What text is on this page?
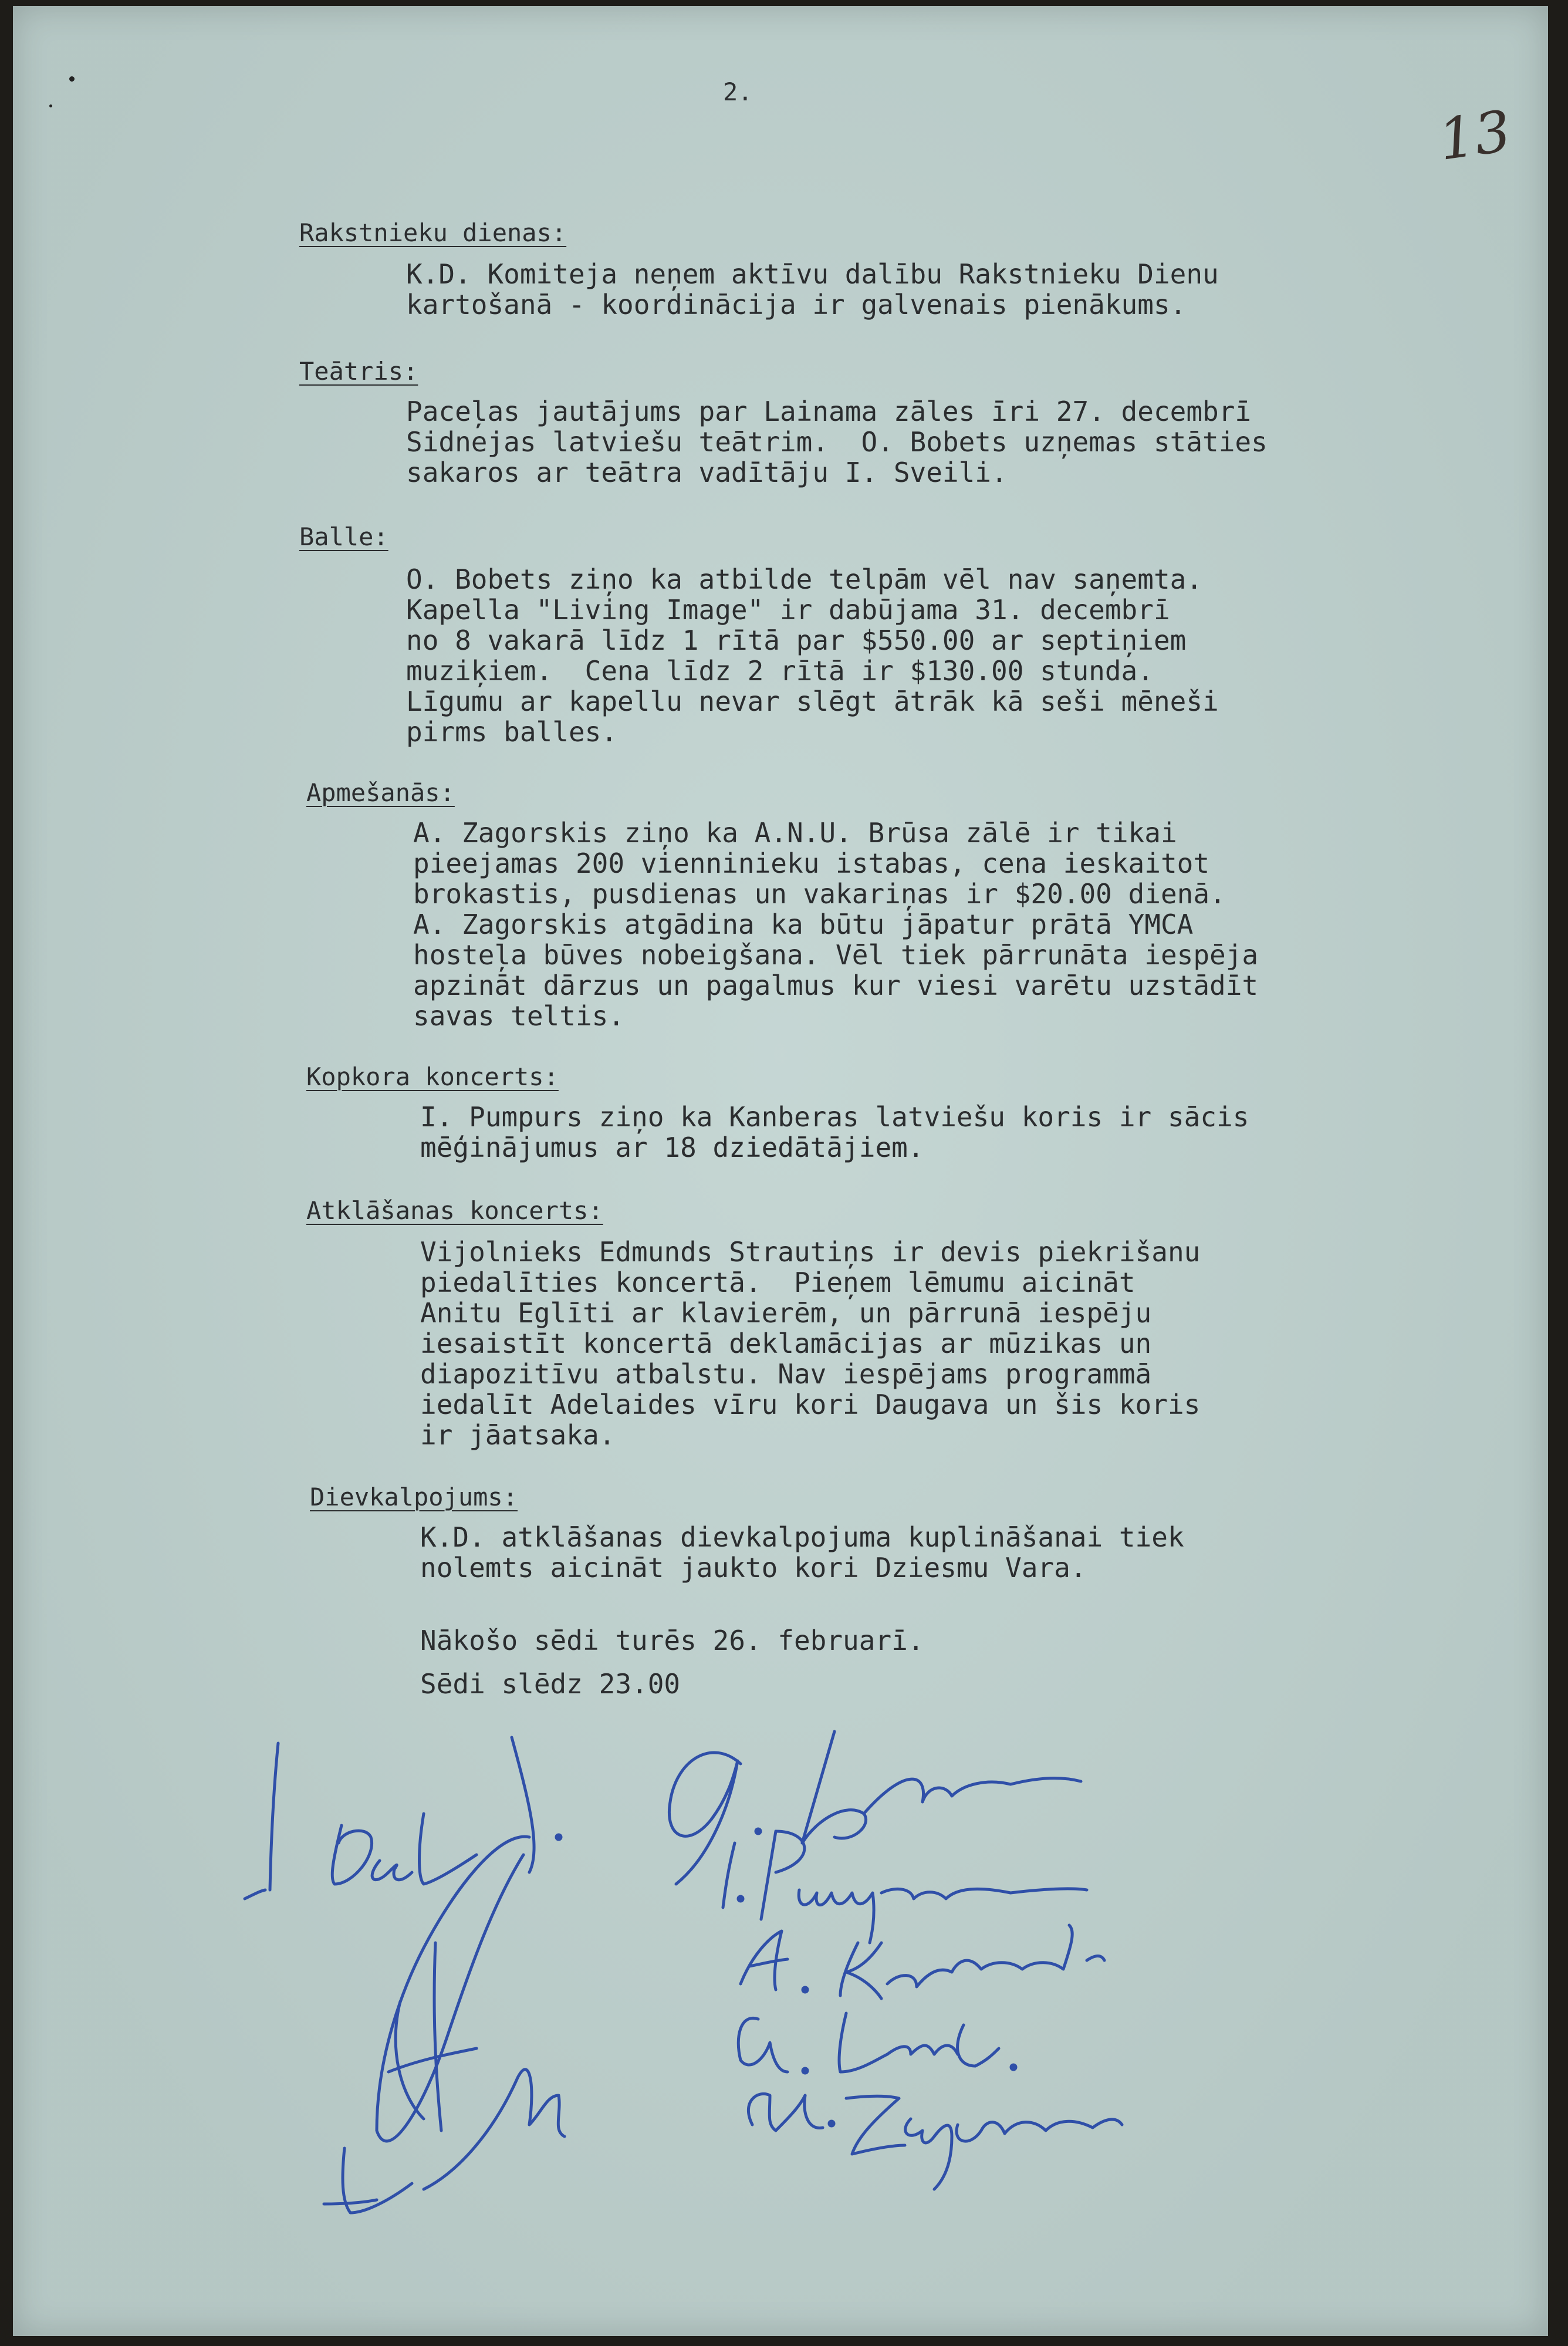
2.
13
Rakstnieku dienas:
K.D. Komiteja neņem aktīvu dalību Rakstnieku Dienu
kartošanā - koordinācija ir galvenais pienākums.
Teātris:
Paceļas jautājums par Lainama zāles īri 27. decembrī
Sidnejas latviešu teātrim.  O. Bobets uzņemas stāties
sakaros ar teātra vadītāju I. Sveili.
Balle:
O. Bobets ziņo ka atbilde telpām vēl nav saņemta.
Kapella "Living Image" ir dabūjama 31. decembrī
no 8 vakarā līdz 1 rītā par $550.00 ar septiņiem
muziķiem.  Cena līdz 2 rītā ir $130.00 stunda.
Līgumu ar kapellu nevar slēgt ātrāk kā seši mēneši
pirms balles.
Apmešanās:
A. Zagorskis ziņo ka A.N.U. Brūsa zālē ir tikai
pieejamas 200 vienninieku istabas, cena ieskaitot
brokastis, pusdienas un vakariņas ir $20.00 dienā.
A. Zagorskis atgādina ka būtu jāpatur prātā YMCA
hosteļa būves nobeigšana. Vēl tiek pārrunāta iespēja
apzināt dārzus un pagalmus kur viesi varētu uzstādīt
savas teltis.
Kopkora koncerts:
I. Pumpurs ziņo ka Kanberas latviešu koris ir sācis
mēģinājumus ar 18 dziedātājiem.
Atklāšanas koncerts:
Vijolnieks Edmunds Strautiņs ir devis piekrišanu
piedalīties koncertā.  Pieņem lēmumu aicināt
Anitu Eglīti ar klavierēm, un pārrunā iespēju
iesaistīt koncertā deklamācijas ar mūzikas un
diapozitīvu atbalstu. Nav iespējams programmā
iedalīt Adelaides vīru kori Daugava un šis koris
ir jāatsaka.
Dievkalpojums:
K.D. atklāšanas dievkalpojuma kuplināšanai tiek
nolemts aicināt jaukto kori Dziesmu Vara.
Nākošo sēdi turēs 26. februarī.
Sēdi slēdz 23.00
